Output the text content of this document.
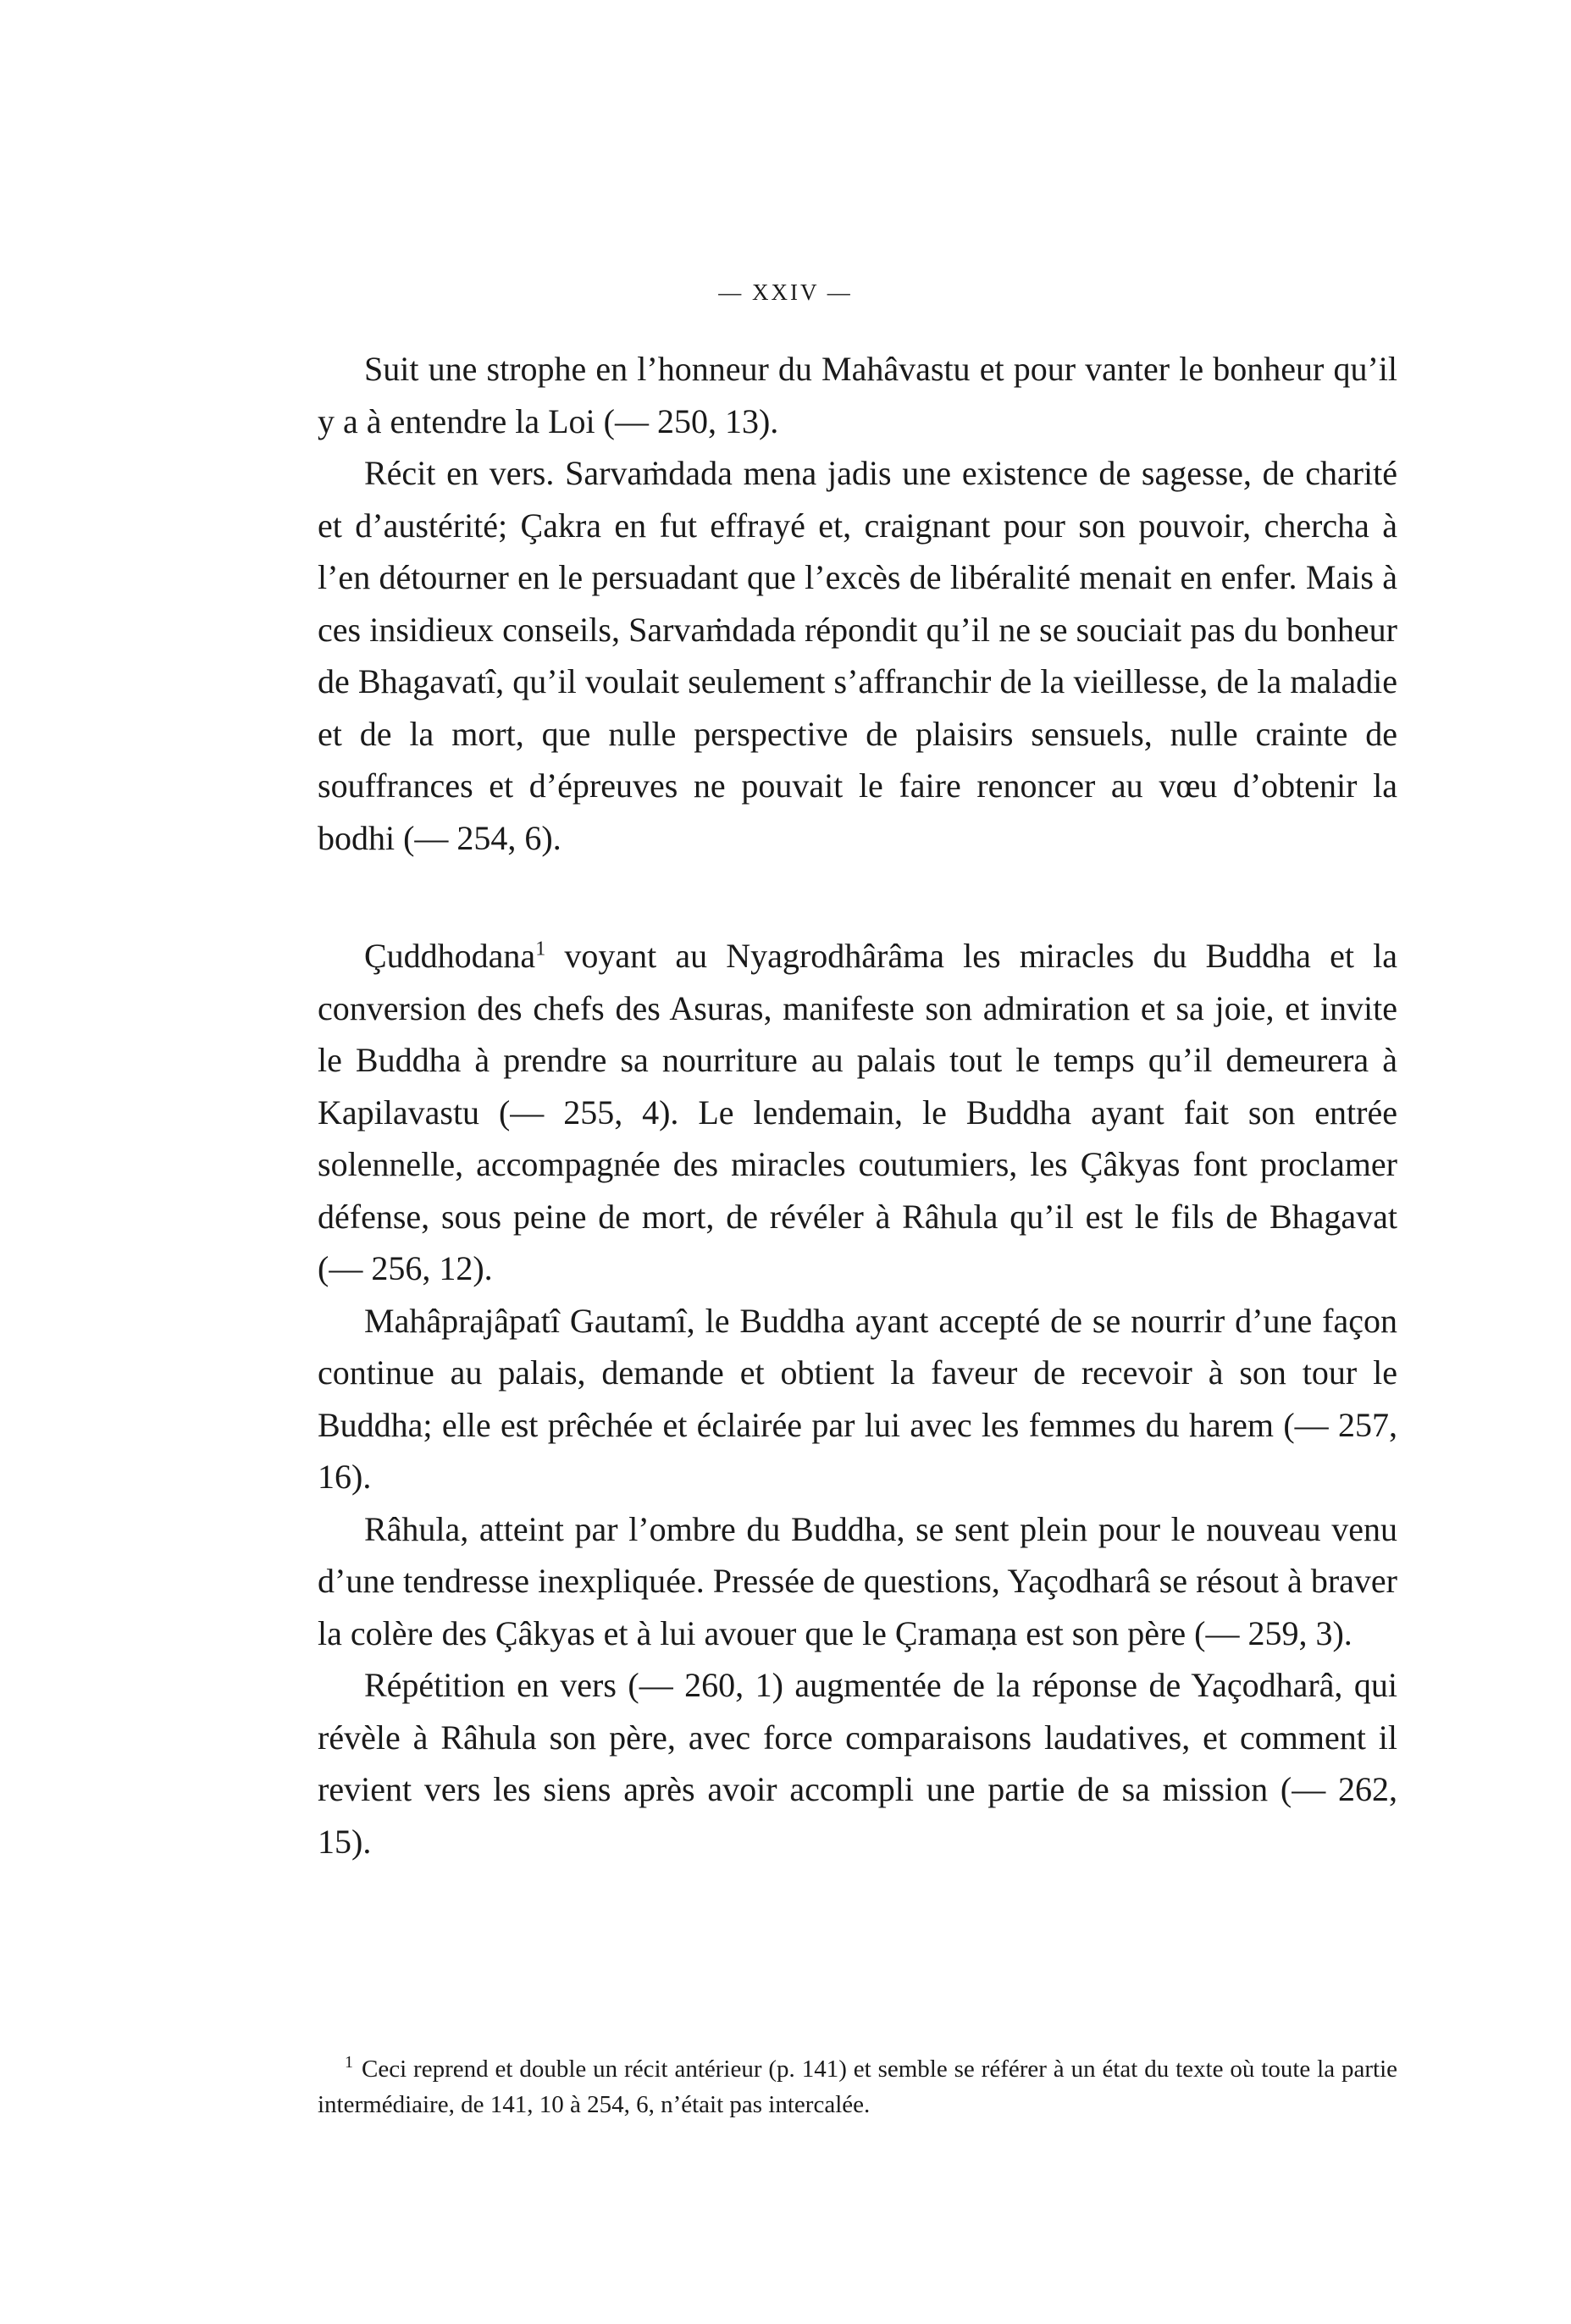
— XXIV —

Suit une strophe en l’honneur du Mahâvastu et pour vanter le bonheur qu’il y a à entendre la Loi (— 250, 13).

Récit en vers. Sarvaṁdada mena jadis une existence de sagesse, de charité et d’austérité; Çakra en fut effrayé et, craignant pour son pouvoir, chercha à l’en détourner en le persuadant que l’excès de libéralité menait en enfer. Mais à ces insidieux conseils, Sarvaṁdada répondit qu’il ne se souciait pas du bonheur de Bhagavatî, qu’il voulait seulement s’affranchir de la vieillesse, de la maladie et de la mort, que nulle perspective de plaisirs sensuels, nulle crainte de souffrances et d’épreuves ne pouvait le faire renoncer au vœu d’obtenir la bodhi (— 254, 6).

Çuddhodana$^1$ voyant au Nyagrodhârâma les miracles du Buddha et la conversion des chefs des Asuras, manifeste son admiration et sa joie, et invite le Buddha à prendre sa nourriture au palais tout le temps qu’il demeurera à Kapilavastu (— 255, 4). Le lendemain, le Buddha ayant fait son entrée solennelle, accompagnée des miracles coutumiers, les Çâkyas font proclamer défense, sous peine de mort, de révéler à Râhula qu’il est le fils de Bhagavat (— 256, 12).

Mahâprajâpatî Gautamî, le Buddha ayant accepté de se nourrir d’une façon continue au palais, demande et obtient la faveur de recevoir à son tour le Buddha; elle est prêchée et éclairée par lui avec les femmes du harem (— 257, 16).

Râhula, atteint par l’ombre du Buddha, se sent plein pour le nouveau venu d’une tendresse inexpliquée. Pressée de questions, Yaçodharâ se résout à braver la colère des Çâkyas et à lui avouer que le Çramaṇa est son père (— 259, 3).

Répétition en vers (— 260, 1) augmentée de la réponse de Yaçodharâ, qui révèle à Râhula son père, avec force comparaisons laudatives, et comment il revient vers les siens après avoir accompli une partie de sa mission (— 262, 15).

$^1$ Ceci reprend et double un récit antérieur (p. 141) et semble se référer à un état du texte où toute la partie intermédiaire, de 141, 10 à 254, 6, n’était pas intercalée.
